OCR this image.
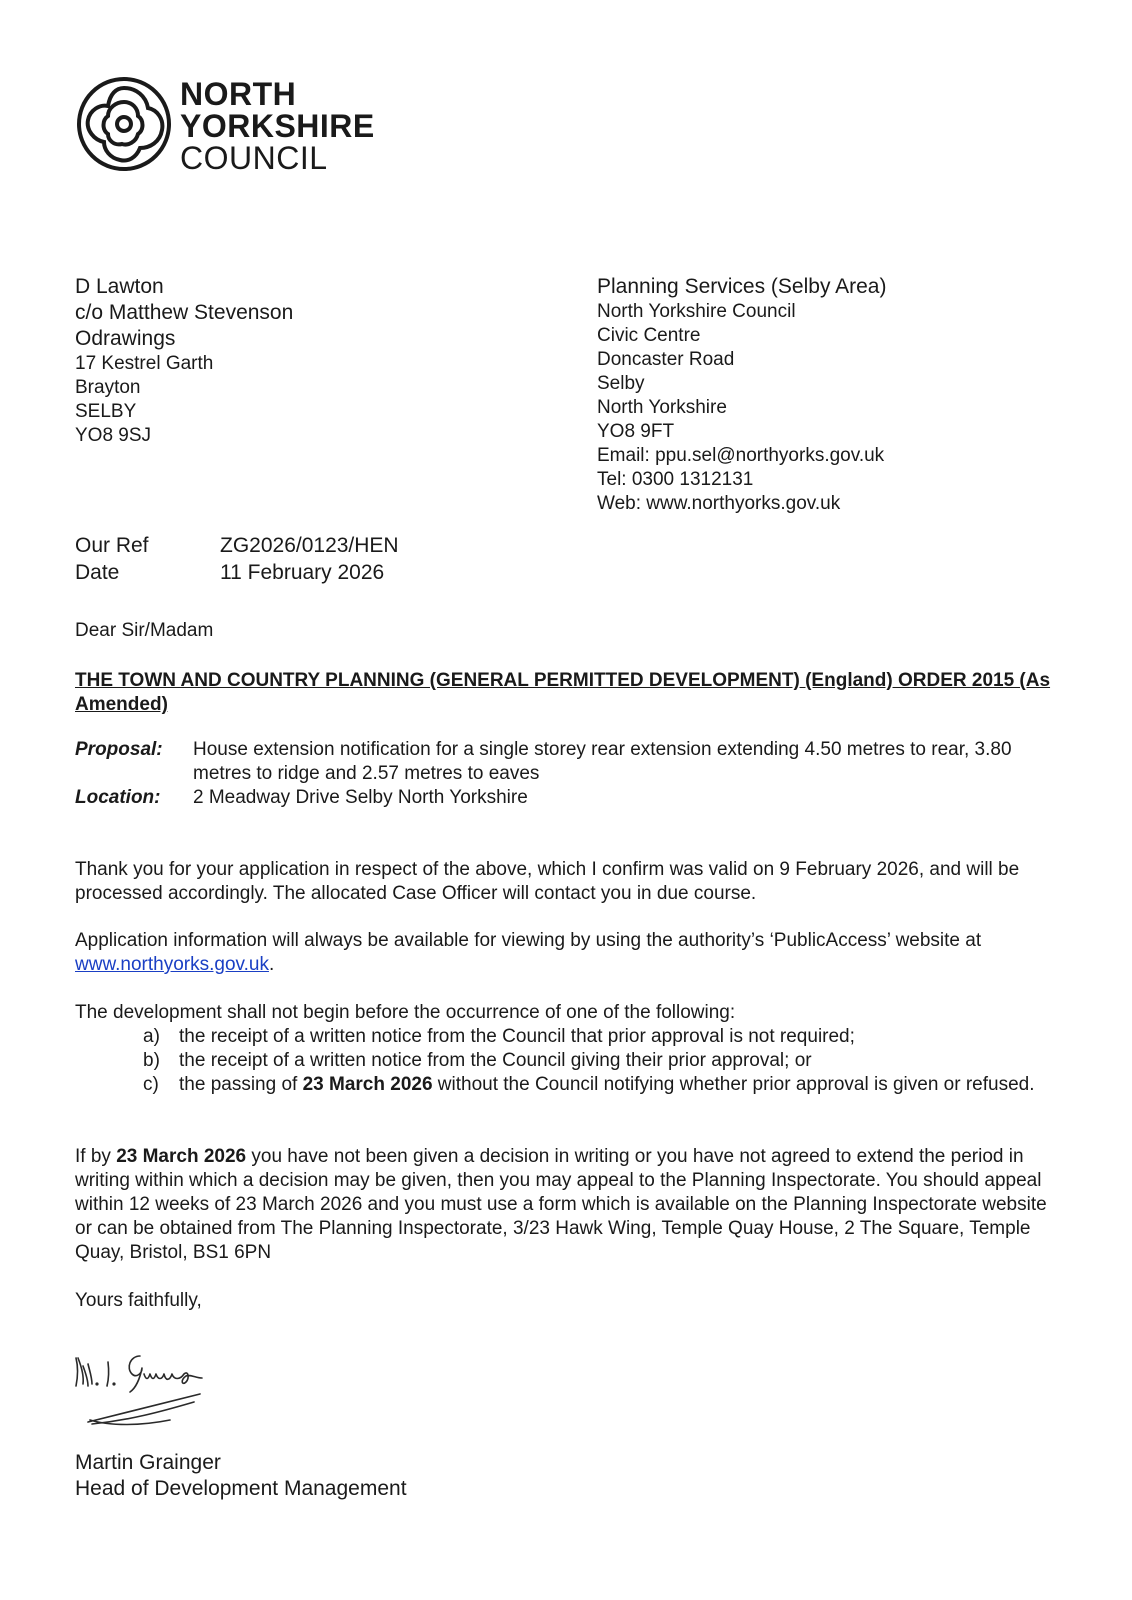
NORTH
YORKSHIRE
COUNCIL
D Lawton
c/o Matthew Stevenson
Odrawings
17 Kestrel Garth
Brayton
SELBY
YO8 9SJ
Planning Services (Selby Area)
North Yorkshire Council
Civic Centre
Doncaster Road
Selby
North Yorkshire
YO8 9FT
Email: ppu.sel@northyorks.gov.uk
Tel: 0300 1312131
Web: www.northyorks.gov.uk
Our Ref	ZG2026/0123/HEN
Date	11 February 2026
Dear Sir/Madam
THE TOWN AND COUNTRY PLANNING (GENERAL PERMITTED DEVELOPMENT) (England) ORDER 2015 (As Amended)
Proposal: House extension notification for a single storey rear extension extending 4.50 metres to rear, 3.80 metres to ridge and 2.57 metres to eaves
Location: 2 Meadway Drive Selby North Yorkshire
Thank you for your application in respect of the above, which I confirm was valid on 9 February 2026, and will be processed accordingly. The allocated Case Officer will contact you in due course.
Application information will always be available for viewing by using the authority’s ‘PublicAccess’ website at www.northyorks.gov.uk.
The development shall not begin before the occurrence of one of the following:
a) the receipt of a written notice from the Council that prior approval is not required;
b) the receipt of a written notice from the Council giving their prior approval; or
c) the passing of 23 March 2026 without the Council notifying whether prior approval is given or refused.
If by 23 March 2026 you have not been given a decision in writing or you have not agreed to extend the period in writing within which a decision may be given, then you may appeal to the Planning Inspectorate. You should appeal within 12 weeks of 23 March 2026 and you must use a form which is available on the Planning Inspectorate website or can be obtained from The Planning Inspectorate, 3/23 Hawk Wing, Temple Quay House, 2 The Square, Temple Quay, Bristol, BS1 6PN
Yours faithfully,
Martin Grainger
Head of Development Management
